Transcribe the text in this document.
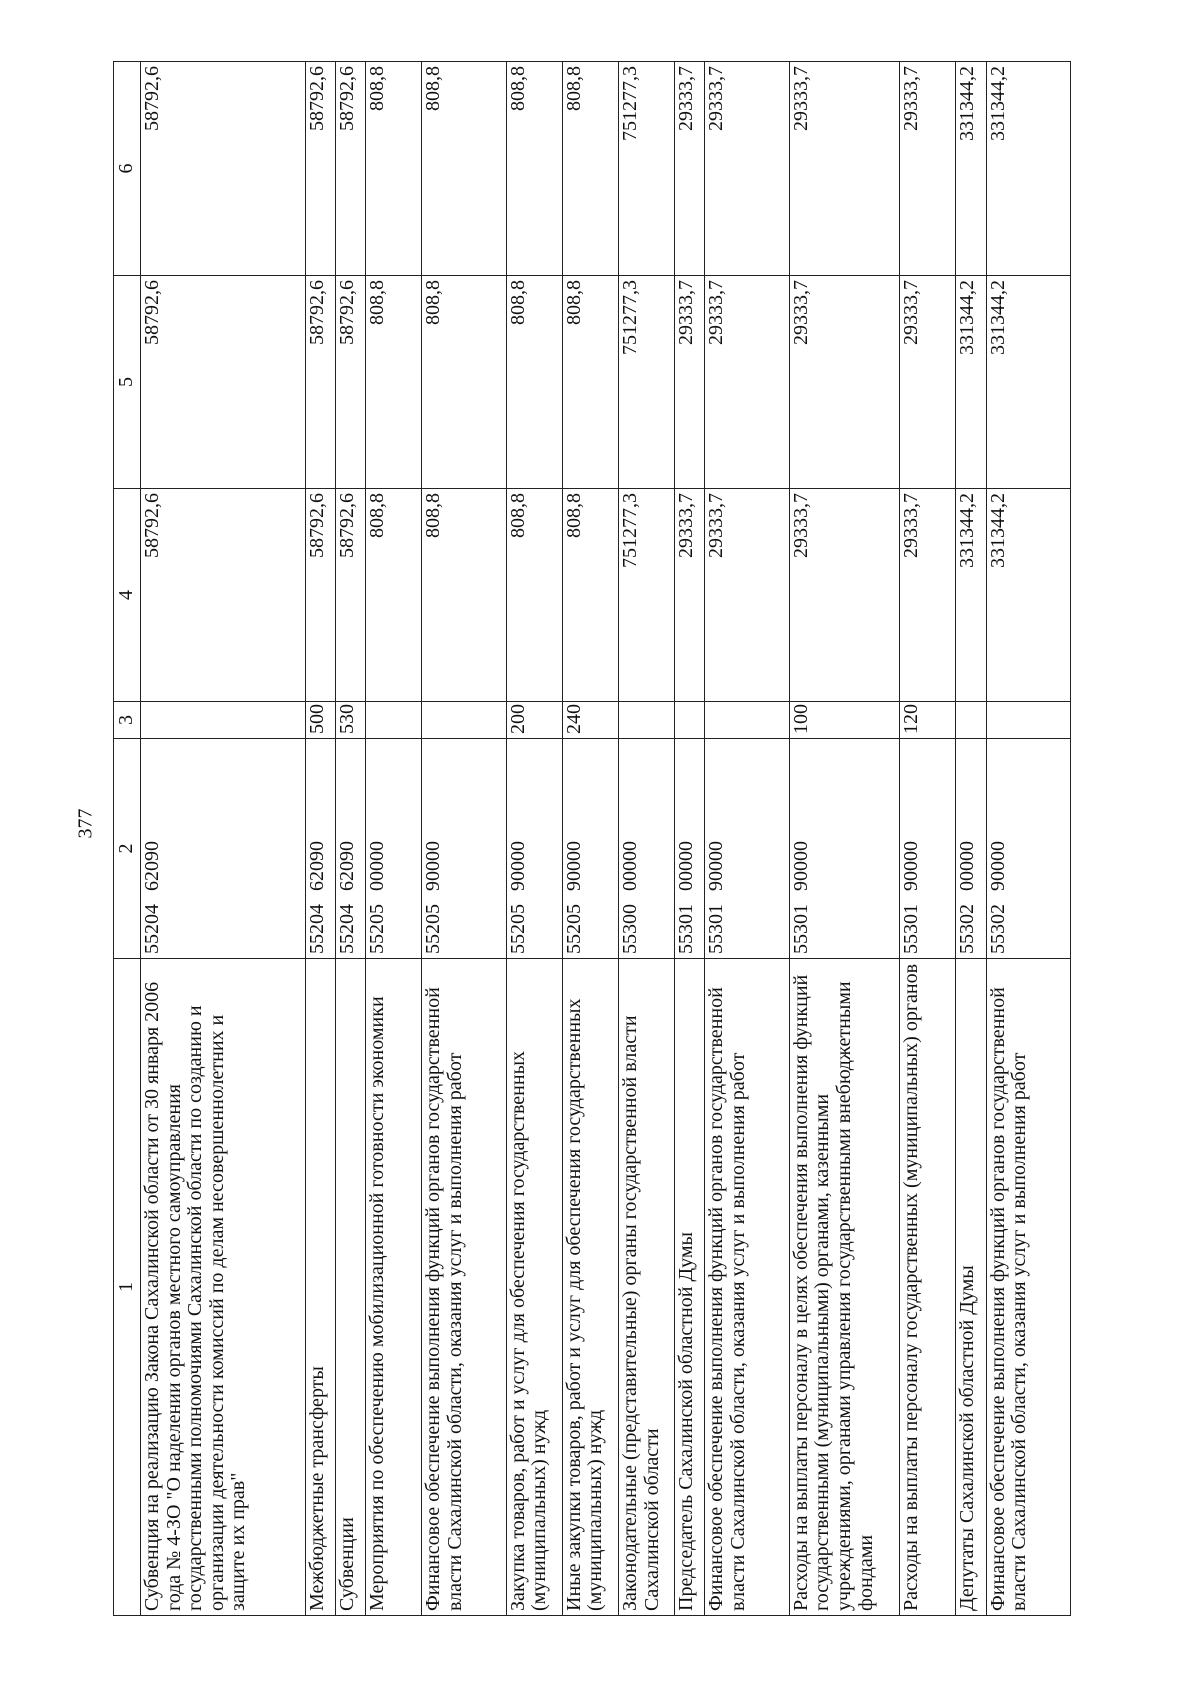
377
1	2	3	4	5	6
Субвенция на реализацию Закона Сахалинской области от 30 января 2006 года № 4-ЗО "О наделении органов местного самоуправления государственными полномочиями Сахалинской области по созданию и организации деятельности комиссий по делам несовершеннолетних и защите их прав"	55204 62090		58792,6	58792,6	58792,6
Межбюджетные трансферты	55204 62090	500	58792,6	58792,6	58792,6
Субвенции	55204 62090	530	58792,6	58792,6	58792,6
Мероприятия по обеспечению мобилизационной готовности экономики	55205 00000		808,8	808,8	808,8
Финансовое обеспечение выполнения функций органов государственной власти Сахалинской области, оказания услуг и выполнения работ	55205 90000		808,8	808,8	808,8
Закупка товаров, работ и услуг для обеспечения государственных (муниципальных) нужд	55205 90000	200	808,8	808,8	808,8
Иные закупки товаров, работ и услуг для обеспечения государственных (муниципальных) нужд	55205 90000	240	808,8	808,8	808,8
Законодательные (представительные) органы государственной власти Сахалинской области	55300 00000		751277,3	751277,3	751277,3
Председатель Сахалинской областной Думы	55301 00000		29333,7	29333,7	29333,7
Финансовое обеспечение выполнения функций органов государственной власти Сахалинской области, оказания услуг и выполнения работ	55301 90000		29333,7	29333,7	29333,7
Расходы на выплаты персоналу в целях обеспечения выполнения функций государственными (муниципальными) органами, казенными учреждениями, органами управления государственными внебюджетными фондами	55301 90000	100	29333,7	29333,7	29333,7
Расходы на выплаты персоналу государственных (муниципальных) органов	55301 90000	120	29333,7	29333,7	29333,7
Депутаты Сахалинской областной Думы	55302 00000		331344,2	331344,2	331344,2
Финансовое обеспечение выполнения функций органов государственной власти Сахалинской области, оказания услуг и выполнения работ	55302 90000		331344,2	331344,2	331344,2
